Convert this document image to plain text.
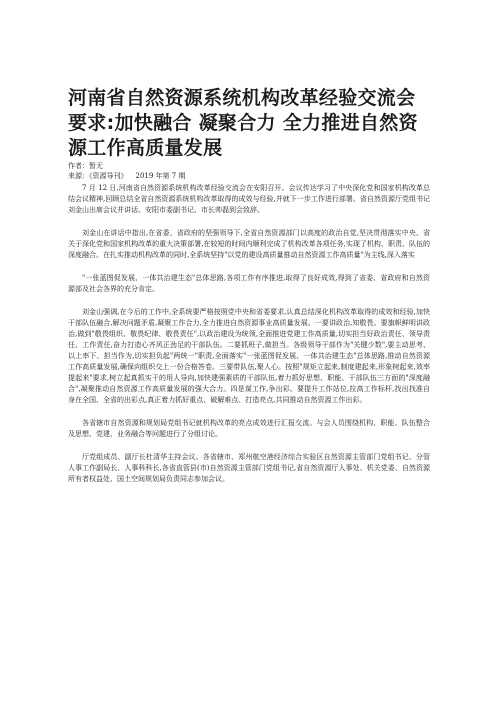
河南省自然资源系统机构改革经验交流会要求:加快融合 凝聚合力 全力推进自然资源工作高质量发展
作者：暂无
来源：《资源导刊》 2019 年第 7 期

7 月 12 日,河南省自然资源系统机构改革经验交流会在安阳召开。会议传达学习了中央深化党和国家机构改革总结会议精神,回顾总结全省自然资源系统机构改革取得的成效与经验,并就下一步工作进行部署。省自然资源厅党组书记刘金山出席会议并讲话。安阳市委副书记、市长帅磊到会致辞。

刘金山在讲话中指出,在省委、省政府的坚强领导下,全省自然资源部门以高度的政治自觉,坚决贯彻落实中央、省关于深化党和国家机构改革的重大决策部署,在较短的时间内顺利完成了机构改革各项任务,实现了机构、职责、队伍的深度融合。在扎实推动机构改革的同时,全系统坚持"以党的建设高质量推动自然资源工作高质量"为主线,深入落实

"一张蓝图促发展、一体共治建生态"总体思路,各项工作有序推进,取得了良好成效,得到了省委、省政府和自然资源部及社会各界的充分肯定。

刘金山强调,在今后的工作中,全系统要严格按照党中央和省委要求,认真总结深化机构改革取得的成效和经验,加快干部队伍融合,解决问题矛盾,凝聚工作合力,全力推进自然资源事业高质量发展。一要讲政治,知敬畏。要旗帜鲜明讲政治,做到"敬畏组织、敬畏纪律、敬畏责任",以政治建设为统领,全面推进党建工作高质量,切实担当好政治责任、领导责任、工作责任,奋力打造心齐风正劲足的干部队伍。二要抓班子,做担当。各级领导干部作为"关键少数",要主动思考、以上率下、担当作为,切实担负起"两统一"职责,全面落实"一张蓝图促发展、一体共治建生态"总体思路,推动自然资源工作高质量发展,确保向组织交上一份合格答卷。三要带队伍,聚人心。按照"规矩立起来,制度建起来,形象树起来,效率提起来"要求,树立起真抓实干的用人导向,加快建强素质的干部队伍,着力抓好思想、职能、干部队伍三方面的"深度融合",凝聚推动自然资源工作高质量发展的强大合力。四是谋工作,争出彩。要提升工作站位,拉高工作标杆,找出找准自身在全国、全省的出彩点,真正着力抓好重点、破解难点、打造亮点,共同推动自然资源工作出彩。

各省辖市自然资源和规划局党组书记就机构改革的亮点成效进行汇报交流。与会人员围绕机构、职能、队伍整合及思想、党建、业务融合等问题进行了分组讨论。

厅党组成员、副厅长杜清华主持会议。各省辖市、郑州航空港经济综合实验区自然资源主管部门党组书记、分管人事工作副局长、人事科科长,各省直管县(市)自然资源主管部门党组书记,省自然资源厅人事处、机关党委、自然资源所有者权益处、国土空间规划局负责同志参加会议。
